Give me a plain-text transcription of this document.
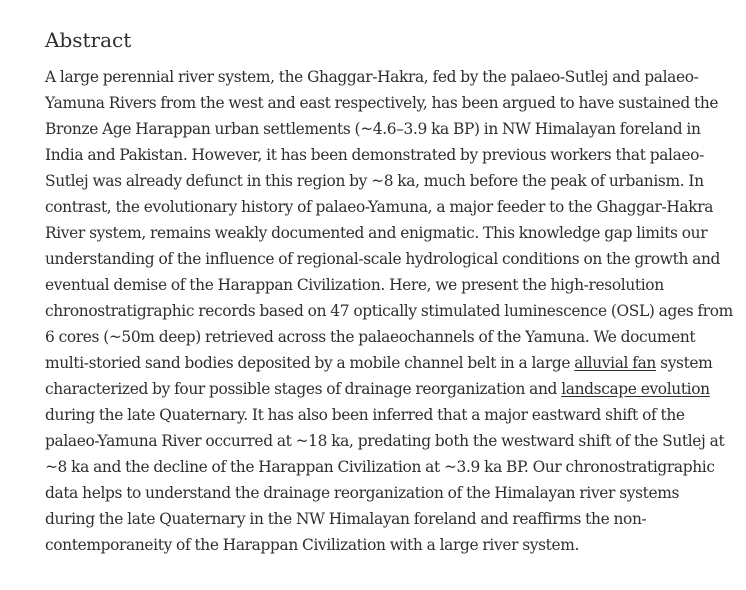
Abstract

A large perennial river system, the Ghaggar-Hakra, fed by the palaeo-Sutlej and palaeo-
Yamuna Rivers from the west and east respectively, has been argued to have sustained the
Bronze Age Harappan urban settlements (~4.6–3.9 ka BP) in NW Himalayan foreland in
India and Pakistan. However, it has been demonstrated by previous workers that palaeo-
Sutlej was already defunct in this region by ~8 ka, much before the peak of urbanism. In
contrast, the evolutionary history of palaeo-Yamuna, a major feeder to the Ghaggar-Hakra
River system, remains weakly documented and enigmatic. This knowledge gap limits our
understanding of the influence of regional-scale hydrological conditions on the growth and
eventual demise of the Harappan Civilization. Here, we present the high-resolution
chronostratigraphic records based on 47 optically stimulated luminescence (OSL) ages from
6 cores (~50m deep) retrieved across the palaeochannels of the Yamuna. We document
multi-storied sand bodies deposited by a mobile channel belt in a large alluvial fan system
characterized by four possible stages of drainage reorganization and landscape evolution
during the late Quaternary. It has also been inferred that a major eastward shift of the
palaeo-Yamuna River occurred at ~18 ka, predating both the westward shift of the Sutlej at
~8 ka and the decline of the Harappan Civilization at ~3.9 ka BP. Our chronostratigraphic
data helps to understand the drainage reorganization of the Himalayan river systems
during the late Quaternary in the NW Himalayan foreland and reaffirms the non-
contemporaneity of the Harappan Civilization with a large river system.
